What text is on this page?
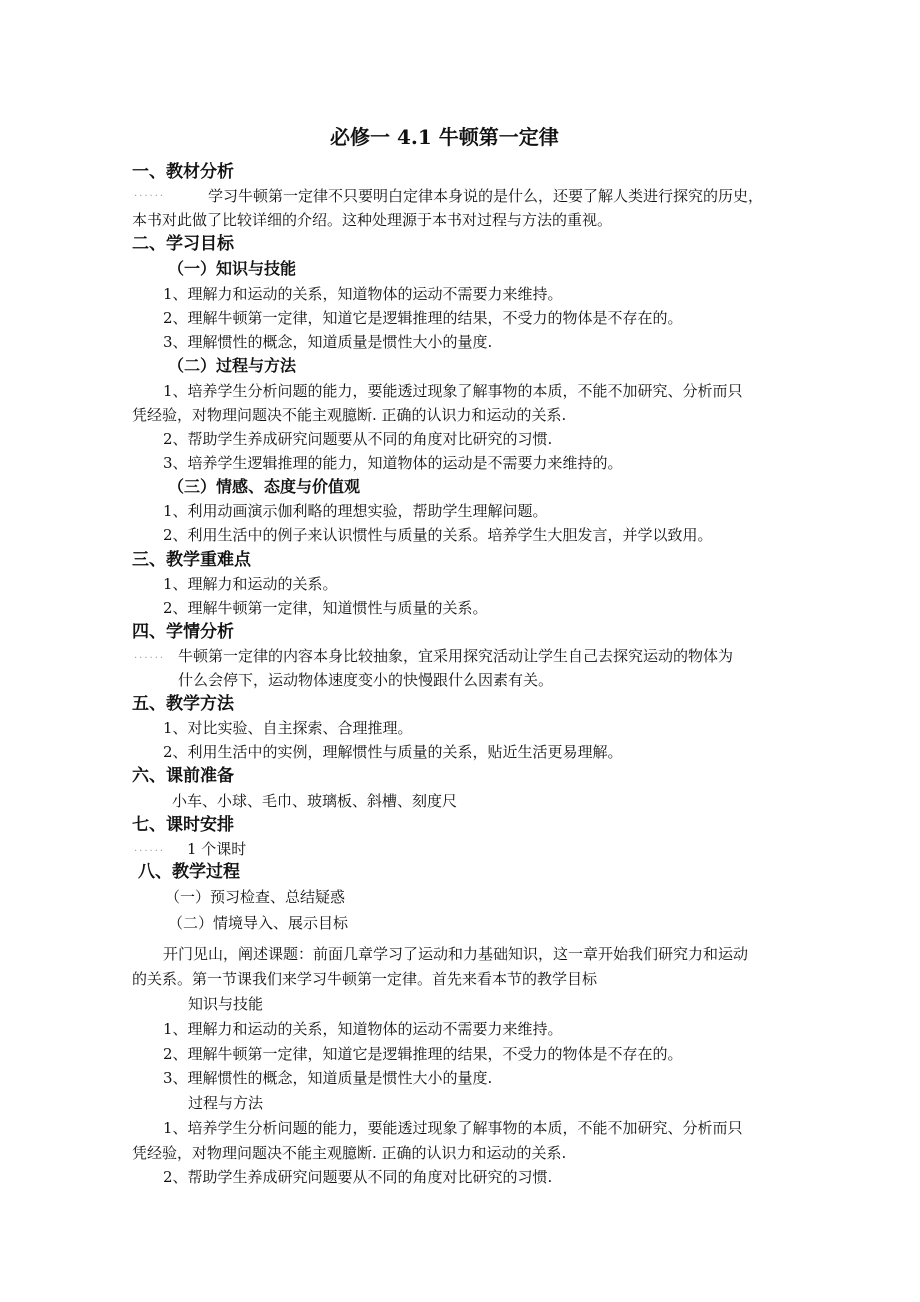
必修一 4.1 牛顿第一定律
一、教材分析
......	学习牛顿第一定律不只要明白定律本身说的是什么，还要了解人类进行探究的历史，
本书对此做了比较详细的介绍。这种处理源于本书对过程与方法的重视。
二、学习目标
（一）知识与技能
1、理解力和运动的关系，知道物体的运动不需要力来维持。
2、理解牛顿第一定律，知道它是逻辑推理的结果，不受力的物体是不存在的。
3、理解惯性的概念，知道质量是惯性大小的量度.
（二）过程与方法
1、培养学生分析问题的能力，要能透过现象了解事物的本质，不能不加研究、分析而只
凭经验，对物理问题决不能主观臆断. 正确的认识力和运动的关系.
2、帮助学生养成研究问题要从不同的角度对比研究的习惯.
3、培养学生逻辑推理的能力，知道物体的运动是不需要力来维持的。
（三）情感、态度与价值观
1、利用动画演示伽利略的理想实验，帮助学生理解问题。
2、利用生活中的例子来认识惯性与质量的关系。培养学生大胆发言，并学以致用。
三、教学重难点
1、理解力和运动的关系。
2、理解牛顿第一定律，知道惯性与质量的关系。
四、学情分析
...... 牛顿第一定律的内容本身比较抽象，宜采用探究活动让学生自己去探究运动的物体为
什么会停下，运动物体速度变小的快慢跟什么因素有关。
五、教学方法
1、对比实验、自主探索、合理推理。
2、利用生活中的实例，理解惯性与质量的关系，贴近生活更易理解。
六、课前准备
小车、小球、毛巾、玻璃板、斜槽、刻度尺
七、课时安排
...... 1 个课时
八、教学过程
（一）预习检查、总结疑惑
（二）情境导入、展示目标
开门见山，阐述课题：前面几章学习了运动和力基础知识，这一章开始我们研究力和运动
的关系。第一节课我们来学习牛顿第一定律。首先来看本节的教学目标
知识与技能
1、理解力和运动的关系，知道物体的运动不需要力来维持。
2、理解牛顿第一定律，知道它是逻辑推理的结果，不受力的物体是不存在的。
3、理解惯性的概念，知道质量是惯性大小的量度.
过程与方法
1、培养学生分析问题的能力，要能透过现象了解事物的本质，不能不加研究、分析而只
凭经验，对物理问题决不能主观臆断. 正确的认识力和运动的关系.
2、帮助学生养成研究问题要从不同的角度对比研究的习惯.
